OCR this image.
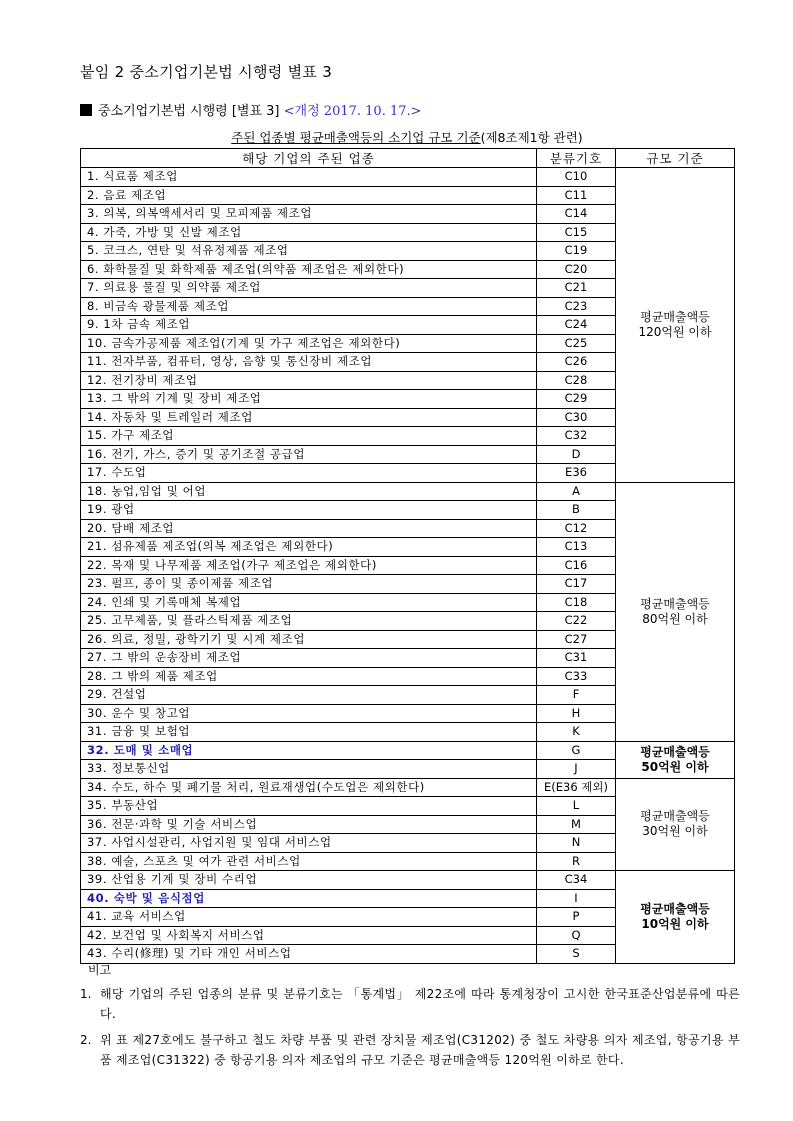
붙임 2 중소기업기본법 시행령 별표 3
중소기업기본법 시행령 [별표 3] <개정 2017. 10. 17.>
주된 업종별 평균매출액등의 소기업 규모 기준(제8조제1항 관련)
해당 기업의 주된 업종	분류기호	규모 기준
1. 식료품 제조업	C10	평균매출액등
120억원 이하
2. 음료 제조업	C11	
3. 의복, 의복액세서리 및 모피제품 제조업	C14	
4. 가죽, 가방 및 신발 제조업	C15	
5. 코크스, 연탄 및 석유정제품 제조업	C19	
6. 화학물질 및 화학제품 제조업(의약품 제조업은 제외한다)	C20	
7. 의료용 물질 및 의약품 제조업	C21	
8. 비금속 광물제품 제조업	C23	
9. 1차 금속 제조업	C24	
10. 금속가공제품 제조업(기계 및 가구 제조업은 제외한다)	C25	
11. 전자부품, 컴퓨터, 영상, 음향 및 통신장비 제조업	C26	
12. 전기장비 제조업	C28	
13. 그 밖의 기계 및 장비 제조업	C29	
14. 자동차 및 트레일러 제조업	C30	
15. 가구 제조업	C32	
16. 전기, 가스, 증기 및 공기조절 공급업	D	
17. 수도업	E36	
18. 농업,임업 및 어업	A	평균매출액등
80억원 이하
19. 광업	B	
20. 담배 제조업	C12	
21. 섬유제품 제조업(의복 제조업은 제외한다)	C13	
22. 목재 및 나무제품 제조업(가구 제조업은 제외한다)	C16	
23. 펄프, 종이 및 종이제품 제조업	C17	
24. 인쇄 및 기록매체 복제업	C18	
25. 고무제품, 및 플라스틱제품 제조업	C22	
26. 의료, 정밀, 광학기기 및 시계 제조업	C27	
27. 그 밖의 운송장비 제조업	C31	
28. 그 밖의 제품 제조업	C33	
29. 건설업	F	
30. 운수 및 창고업	H	
31. 금융 및 보험업	K	
32. 도매 및 소매업	G	평균매출액등
50억원 이하
33. 정보통신업	J	
34. 수도, 하수 및 폐기물 처리, 원료재생업(수도업은 제외한다)	E(E36 제외)	평균매출액등
30억원 이하
35. 부동산업	L	
36. 전문·과학 및 기술 서비스업	M	
37. 사업시설관리, 사업지원 및 임대 서비스업	N	
38. 예술, 스포츠 및 여가 관련 서비스업	R	
39. 산업용 기계 및 장비 수리업	C34	평균매출액등
10억원 이하
40. 숙박 및 음식점업	I	
41. 교육 서비스업	P	
42. 보건업 및 사회복지 서비스업	Q	
43. 수리(修理) 및 기타 개인 서비스업	S	
비고
1. 해당 기업의 주된 업종의 분류 및 분류기호는 「통계법」 제22조에 따라 통계청장이 고시한 한국표준산업분류에 따른다.
2. 위 표 제27호에도 불구하고 철도 차량 부품 및 관련 장치물 제조업(C31202) 중 철도 차량용 의자 제조업, 항공기용 부품 제조업(C31322) 중 항공기용 의자 제조업의 규모 기준은 평균매출액등 120억원 이하로 한다.
